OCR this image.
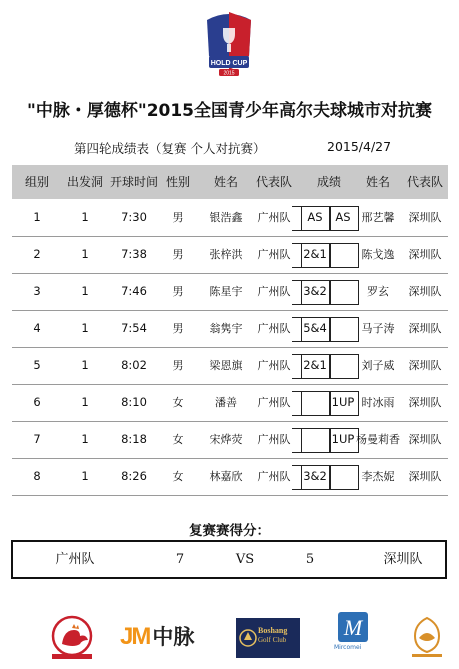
HOLD CUP
2015
"中脉・厚德杯"2015全国青少年高尔夫球城市对抗赛
第四轮成绩表（复赛 个人对抗赛）	2015/4/27
组别 出发洞 开球时间 性别 姓名 代表队 成绩 姓名 代表队
1	1	7:30 男 银浩鑫 广州队 AS AS 邢艺馨 深圳队
2	1	7:38 男 张梓洪 广州队 2&1	陈戈逸 深圳队
3	1	7:46 男 陈星宇 广州队 3&2	罗玄 深圳队
4	1	7:54 男 翁隽宇 广州队 5&4	马子涛 深圳队
5	1	8:02 男 梁恩旗 广州队 2&1	刘子威 深圳队
6	1	8:10 女	潘善 广州队	1UP 时冰雨 深圳队
7	1	8:18 女 宋烨荧 广州队	1UP 杨曼莉香 深圳队
8	1	8:26 女 林嘉欣 广州队 3&2	李杰妮 深圳队
复赛赛得分：
广州队	7	VS	5	深圳队
JM 中脉	Boshang
Golf Club	M
Mircomei
